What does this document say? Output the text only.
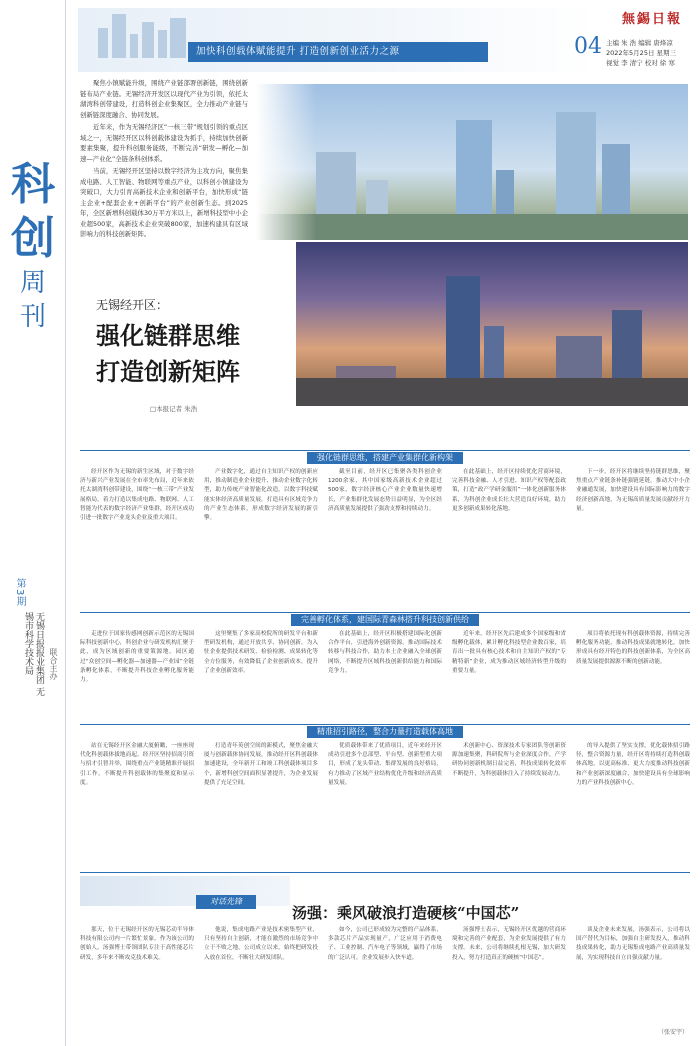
科
创
周
刊
第3期
无锡日报报业集团 无锡市科学技术局	联合主办
加快科创载体赋能提升 打造创新创业活力之源
無錫日報
04 主编 朱 浩 编辑 唐烽凉
2022年5月25日 星期三
视觉 李 清宁 校对 徐 寒

聚焦小镇赋能升级，围绕产业链部署创新链，围绕创新链布局产业链。无锡经济开发区以现代产业为引领，依托太湖湾科创带建设，打造科创企业集聚区，全力推动产业链与创新链深度融合、协同发展。

近年来，作为无锡经济区“一核三带”规划引领的重点区域之一，无锡经开区以科创载体建设为抓手，持续加快创新要素集聚，提升科创服务能级，不断完善“研发—孵化—加速—产业化”全链条科创体系。

当前，无锡经开区坚持以数字经济为主攻方向，聚焦集成电路、人工智能、物联网等重点产业，以科创小镇建设为突破口，大力引育高新技术企业和创新平台，加快形成“链主企业+配套企业+创新平台”的产业创新生态。到2025年，全区新增科创载体30万平方米以上，新增科技型中小企业超500家，高新技术企业突破800家，加速构建具有区域影响力的科技创新矩阵。

无锡经开区：
强化链群思维
打造创新矩阵
□本报记者 朱浩
强化链群思维，搭建产业集群化新构架

经开区作为无锡的新生区域，对于数字经济与新兴产业发展在全市率先布局，近年来依托太湖湾科创带建设，围绕“一核三带”产业发展格局，着力打造以集成电路、物联网、人工智能为代表的数字经济产业集群，经开区成功引进一批数字产业龙头企业及重大项目。

产业数字化，通过自主知识产权的创新应用，推动制造业企业提升，推动企业数字化转型，助力传统产业智能化改造，以数字科技赋能实体经济高质量发展，打造具有区域竞争力的产业生态体系，形成数字经济发展的新引擎。

截至目前，经开区已集聚各类科创企业1200余家，其中国家级高新技术企业超过500家，数字经济核心产业企业数量快速增长，产业集群化发展态势日益明显，为全区经济高质量发展提供了强劲支撑和持续动力。

在此基础上，经开区持续优化营商环境，完善科技金融、人才引进、知识产权等配套政策，打造“政产学研金服用”一体化创新服务体系，为科创企业成长壮大营造良好环境，助力更多创新成果转化落地。

下一步，经开区将继续坚持链群思维，聚焦重点产业链条补链强链延链，推动大中小企业融通发展，加快建设具有国际影响力的数字经济创新高地，为无锡高质量发展贡献经开力量。

完善孵化体系，建国际青森林搭升科技创新供给

走进位于国家传感网创新示范区的无锡国际科技创新中心，科创企业与研发机构汇聚于此，成为区域创新的重要策源地。园区通过“众创空间—孵化器—加速器—产业园”全链条孵化体系，不断提升科技企业孵化服务能力。

这里聚集了多家高校院所的研发平台和新型研发机构，通过开放共享、协同创新，为入驻企业提供技术研发、检验检测、成果转化等全方位服务，有效降低了企业创新成本，提升了企业创新效率。

在此基础上，经开区积极搭建国际化创新合作平台，引进海外创新资源，推动国际技术转移与科技合作，助力本土企业融入全球创新网络，不断提升区域科技创新供给能力和国际竞争力。

近年来，经开区先后建成多个国家级和省级孵化载体，累计孵化科技型企业数百家，培育出一批具有核心技术和自主知识产权的“专精特新”企业，成为推动区域经济转型升级的重要力量。

项目将依托现有科创载体资源，持续完善孵化服务功能，推动科技成果就地转化，加快形成具有经开特色的科技创新体系，为全区高质量发展提供源源不断的创新动能。

精准招引路径，整合力量打造载体高地

站在无锡经开区金融大厦俯瞰，一座座现代化科创载体拔地而起。经开区坚持招商引资与招才引智并举，围绕重点产业链精准开展招引工作，不断提升科创载体的集聚度和显示度。

打造青年英创空间的新模式，聚焦金融大厦与创新载体协同发展，推动经开区科创载体加速建设，全年新开工和竣工科创载体项目多个，新增科创空间面积显著提升，为企业发展提供了充足空间。

优质载体带来了优质项目，近年来经开区成功引进多个总部型、平台型、创新型重大项目，形成了龙头带动、集群发展的良好格局，有力推动了区域产业结构优化升级和经济高质量发展。

术创新中心、资深技术专家团队等创新资源加速集聚，科研院所与企业深度合作，产学研协同创新机制日益完善，科技成果转化效率不断提升，为科创载体注入了持续发展动力。

的导入提供了坚实支撑。优化载体招引路径，整合资源力量，经开区将持续打造科创载体高地，以更高标准、更大力度推动科技创新和产业创新深度融合，加快建设具有全球影响力的产业科技创新中心。

对话先锋
汤强：乘风破浪打造硬核“中国芯”

那天，位于无锡经开区的无锡芯动半导体科技有限公司内一片繁忙景象。作为该公司的创始人，汤强博士带领团队专注于高性能芯片研发，多年来不断攻克技术难关。

他说，集成电路产业是技术密集型产业，只有坚持自主创新，才能在激烈的市场竞争中立于不败之地。公司成立以来，始终把研发投入放在首位，不断壮大研发团队。

如今，公司已形成较为完整的产品体系，多款芯片产品实现量产，广泛应用于消费电子、工业控制、汽车电子等领域，赢得了市场的广泛认可，企业发展步入快车道。

汤强博士表示，无锡经开区优越的营商环境和完善的产业配套，为企业发展提供了有力支撑。未来，公司将继续扎根无锡，加大研发投入，努力打造真正的硬核“中国芯”。

谈及企业未来发展，汤强表示，公司将以国产替代为目标，加强自主研发投入，推动科技成果转化，助力无锡集成电路产业高质量发展，为实现科技自立自强贡献力量。

（张安宇）
